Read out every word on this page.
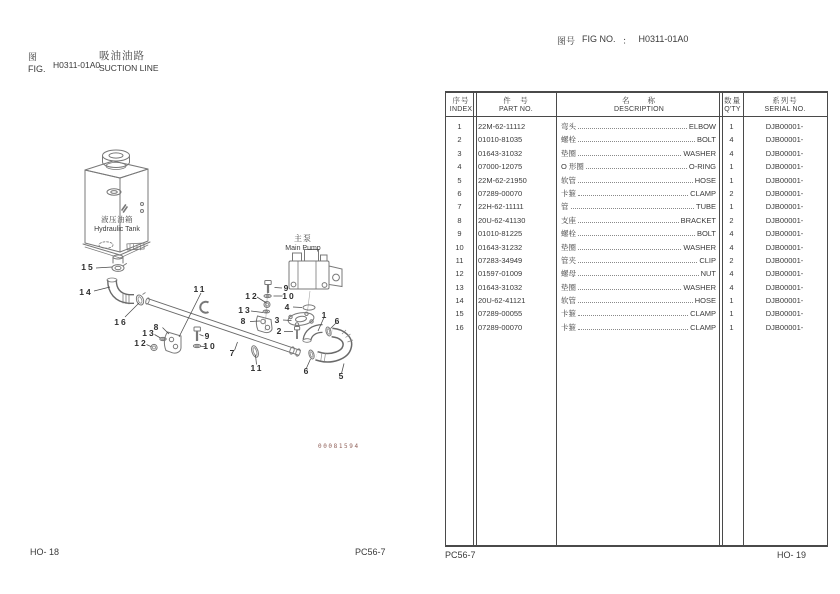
图
FIG. H0311-01A0
吸油油路
SUCTION LINE
图号 FIG NO. ： H0311-01A0
液压油箱
Hydraulic Tank
主泵
Main Pump
15
14
16
11
12
9
10
13
8
4
3
2
1
6
8
13
12
9
10
7
11	6	5
00081594
序号
INDEX
件　号
PART NO.
名　　称
DESCRIPTION
数量
Q'TY
系列号
SERIAL NO.
1	22M-62-11112	弯头	ELBOW	1	DJB00001-
2	01010-81035	螺栓	BOLT	4	DJB00001-
3	01643-31032	垫圈	WASHER	4	DJB00001-
4	07000-12075	O 形圈	O-RING	1	DJB00001-
5	22M-62-21950	软管	HOSE	1	DJB00001-
6	07289-00070	卡箍	CLAMP	2	DJB00001-
7	22H-62-11111	管	TUBE	1	DJB00001-
8	20U-62-41130	支座	BRACKET	2	DJB00001-
9	01010-81225	螺栓	BOLT	4	DJB00001-
10	01643-31232	垫圈	WASHER	4	DJB00001-
11	07283-34949	管夹	CLIP	2	DJB00001-
12	01597-01009	螺母	NUT	4	DJB00001-
13	01643-31032	垫圈	WASHER	4	DJB00001-
14	20U-62-41121	软管	HOSE	1	DJB00001-
15	07289-00055	卡箍	CLAMP	1	DJB00001-
16	07289-00070	卡箍	CLAMP	1	DJB00001-
HO- 18	PC56-7	PC56-7	HO- 19
